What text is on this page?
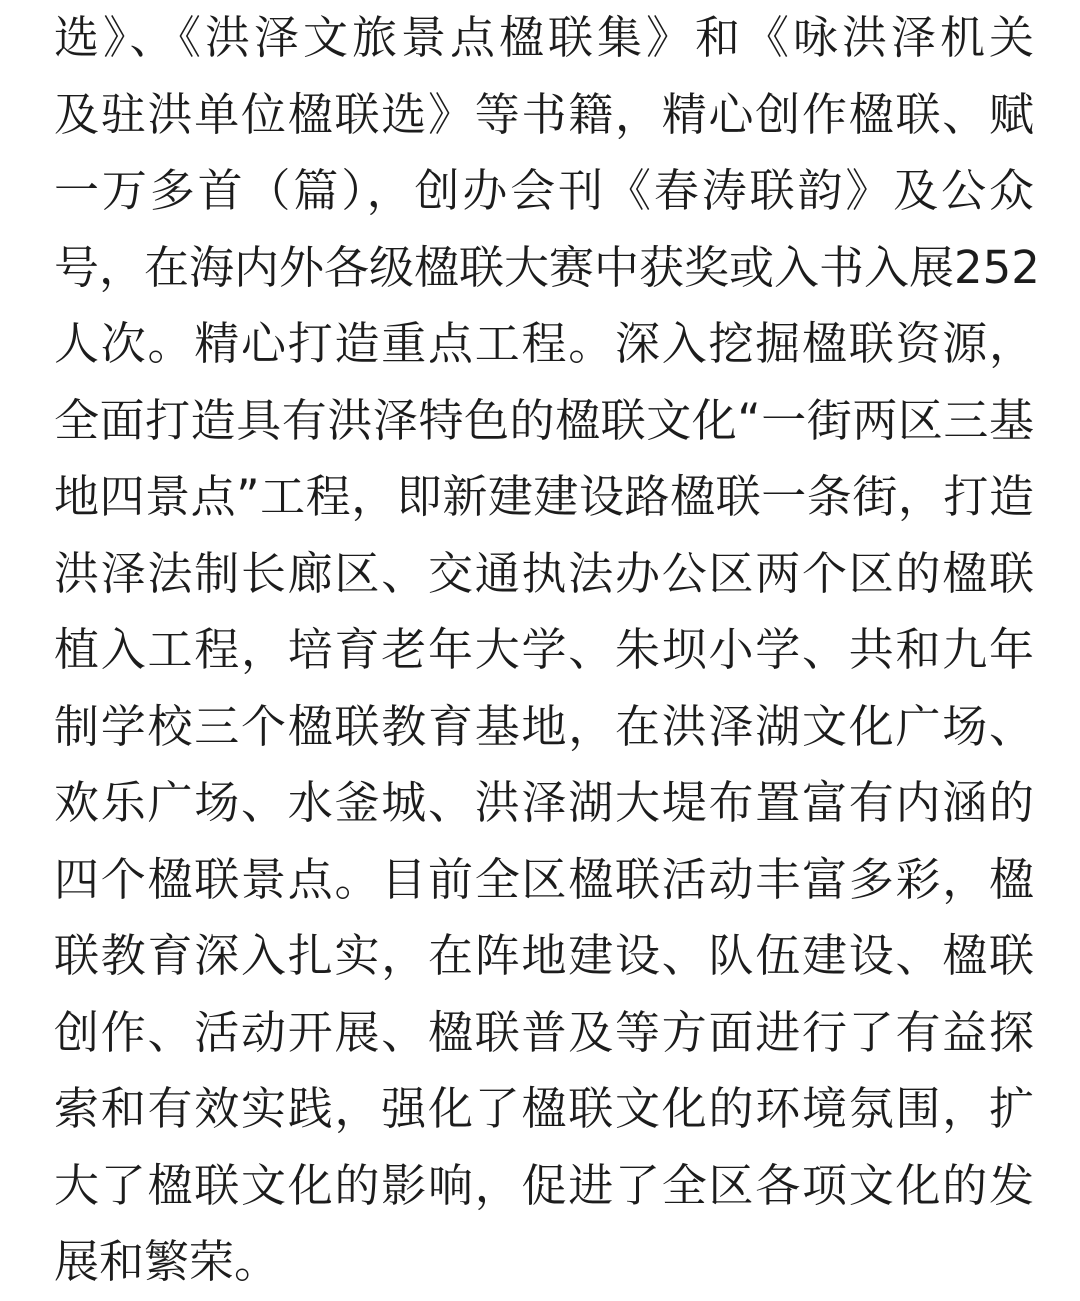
选》、《洪泽文旅景点楹联集》和《咏洪泽机关
及驻洪单位楹联选》等书籍，精心创作楹联、赋
一万多首（篇），创办会刊《春涛联韵》及公众
号，在海内外各级楹联大赛中获奖或入书入展252
人次。精心打造重点工程。深入挖掘楹联资源，
全面打造具有洪泽特色的楹联文化“一街两区三基
地四景点”工程，即新建建设路楹联一条街，打造
洪泽法制长廊区、交通执法办公区两个区的楹联
植入工程，培育老年大学、朱坝小学、共和九年
制学校三个楹联教育基地，在洪泽湖文化广场、
欢乐广场、水釜城、洪泽湖大堤布置富有内涵的
四个楹联景点。目前全区楹联活动丰富多彩，楹
联教育深入扎实，在阵地建设、队伍建设、楹联
创作、活动开展、楹联普及等方面进行了有益探
索和有效实践，强化了楹联文化的环境氛围，扩
大了楹联文化的影响，促进了全区各项文化的发
展和繁荣。
